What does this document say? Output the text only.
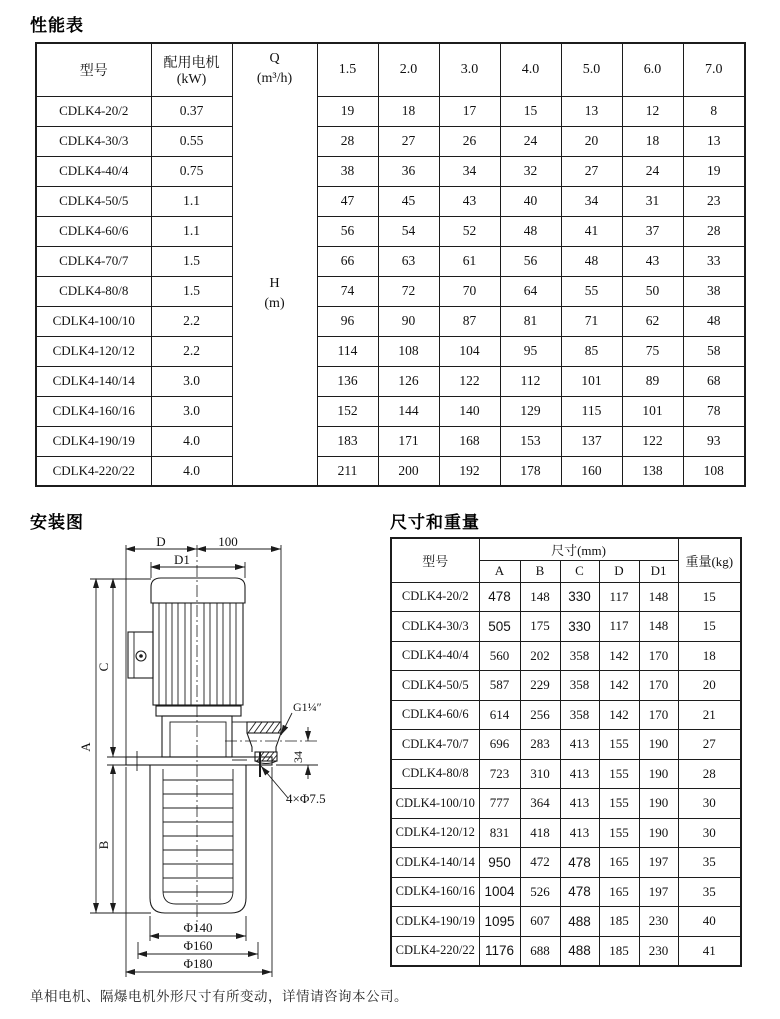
性能表
型号	配用电机
(kW)	
Q
(m³/h)
H
(m)
	1.5	2.0	3.0	4.0	5.0	6.0	7.0
CDLK4-20/2	0.37		19	18	17	15	13	12	8
CDLK4-30/3	0.55		28	27	26	24	20	18	13
CDLK4-40/4	0.75		38	36	34	32	27	24	19
CDLK4-50/5	1.1		47	45	43	40	34	31	23
CDLK4-60/6	1.1		56	54	52	48	41	37	28
CDLK4-70/7	1.5		66	63	61	56	48	43	33
CDLK4-80/8	1.5		74	72	70	64	55	50	38
CDLK4-100/10	2.2		96	90	87	81	71	62	48
CDLK4-120/12	2.2		114	108	104	95	85	75	58
CDLK4-140/14	3.0		136	126	122	112	101	89	68
CDLK4-160/16	3.0		152	144	140	129	115	101	78
CDLK4-190/19	4.0		183	171	168	153	137	122	93
CDLK4-220/22	4.0		211	200	192	178	160	138	108
安装图	尺寸和重量
D	100
D1
C
A
B
G1¼″
34
4×Φ7.5
Φ140
Φ160
Φ180
型号	尺寸(mm)					重量(kg)
	A	B	C	D	D1	
CDLK4-20/2	478	148	330	117	148	15
CDLK4-30/3	505	175	330	117	148	15
CDLK4-40/4	560	202	358	142	170	18
CDLK4-50/5	587	229	358	142	170	20
CDLK4-60/6	614	256	358	142	170	21
CDLK4-70/7	696	283	413	155	190	27
CDLK4-80/8	723	310	413	155	190	28
CDLK4-100/10	777	364	413	155	190	30
CDLK4-120/12	831	418	413	155	190	30
CDLK4-140/14	950	472	478	165	197	35
CDLK4-160/16	1004	526	478	165	197	35
CDLK4-190/19	1095	607	488	185	230	40
CDLK4-220/22	1176	688	488	185	230	41
单相电机、隔爆电机外形尺寸有所变动，详情请咨询本公司。
